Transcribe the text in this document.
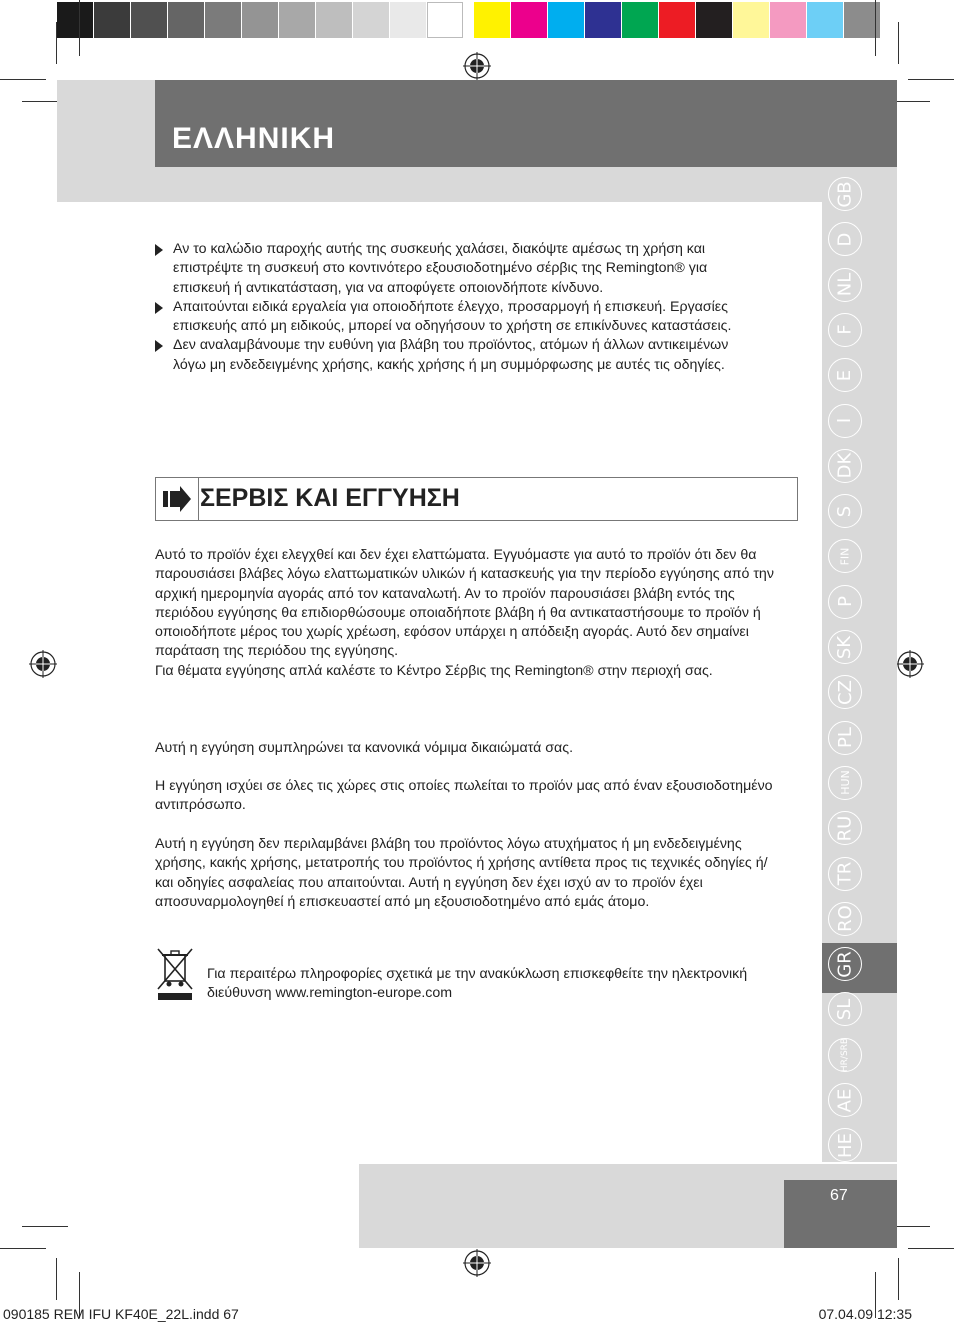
ΕΛΛΗΝΙΚΗ
GB
D
NL
F
E
I
DK
S
FIN
P
SK
CZ
PL
HUN
RU
TR
RO
GR
SL
HR/SRB
AE
HE
Αν το καλώδιο παροχής αυτής της συσκευής χαλάσει, διακόψτε αμέσως τη χρήση και επιστρέψτε τη συσκευή στο κοντινότερο εξουσιοδοτημένο σέρβις της Remington® για επισκευή ή αντικατάσταση, για να αποφύγετε οποιονδήποτε κίνδυνο.
Απαιτούνται ειδικά εργαλεία για οποιοδήποτε έλεγχο, προσαρμογή ή επισκευή. Εργασίες επισκευής από μη ειδικούς, μπορεί να οδηγήσουν το χρήστη σε επικίνδυνες καταστάσεις.
Δεν αναλαμβάνουμε την ευθύνη για βλάβη του προϊόντος, ατόμων ή άλλων αντικειμένων λόγω μη ενδεδειγμένης χρήσης, κακής χρήσης ή μη συμμόρφωσης με αυτές τις οδηγίες.
ΣΕΡΒΙΣ ΚΑΙ ΕΓΓΥΗΣΗ

Αυτό το προϊόν έχει ελεγχθεί και δεν έχει ελαττώματα. Εγγυόμαστε για αυτό το προϊόν ότι δεν θα παρουσιάσει βλάβες λόγω ελαττωματικών υλικών ή κατασκευής για την περίοδο εγγύησης από την αρχική ημερομηνία αγοράς από τον καταναλωτή. Αν το προϊόν παρουσιάσει βλάβη εντός της περιόδου εγγύησης θα επιδιορθώσουμε οποιαδήποτε βλάβη ή θα αντικαταστήσουμε το προϊόν ή οποιοδήποτε μέρος του χωρίς χρέωση, εφόσον υπάρχει η απόδειξη αγοράς. Αυτό δεν σημαίνει παράταση της περιόδου της εγγύησης.

Για θέματα εγγύησης απλά καλέστε το Κέντρο Σέρβις της Remington® στην περιοχή σας.

Αυτή η εγγύηση συμπληρώνει τα κανονικά νόμιμα δικαιώματά σας.
Η εγγύηση ισχύει σε όλες τις χώρες στις οποίες πωλείται το προϊόν μας από έναν εξουσιοδοτημένο αντιπρόσωπο.
Αυτή η εγγύηση δεν περιλαμβάνει βλάβη του προϊόντος λόγω ατυχήματος ή μη ενδεδειγμένης χρήσης, κακής χρήσης, μετατροπής του προϊόντος ή χρήσης αντίθετα προς τις τεχνικές οδηγίες ή/και οδηγίες ασφαλείας που απαιτούνται. Αυτή η εγγύηση δεν έχει ισχύ αν το προϊόν έχει αποσυναρμολογηθεί ή επισκευαστεί από μη εξουσιοδοτημένο από εμάς άτομο.
Για περαιτέρω πληροφορίες σχετικά με την ανακύκλωση επισκεφθείτε την ηλεκτρονική διεύθυνση www.remington-europe.com
67
090185 REM IFU KF40E_22L.indd 67	07.04.09 12:35
